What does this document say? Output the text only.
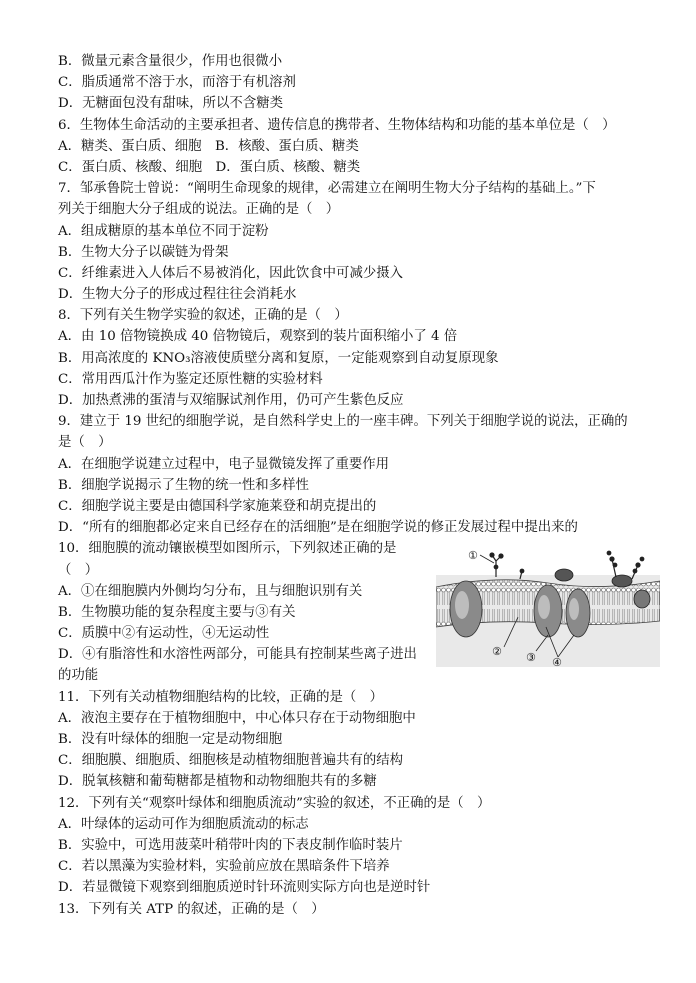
B．微量元素含量很少，作用也很微小
C．脂质通常不溶于水，而溶于有机溶剂
D．无糖面包没有甜味，所以不含糖类
6．生物体生命活动的主要承担者、遗传信息的携带者、生物体结构和功能的基本单位是（　）
A．糖类、蛋白质、细胞　B．核酸、蛋白质、糖类
C．蛋白质、核酸、细胞　D．蛋白质、核酸、糖类
7．邹承鲁院士曾说：“阐明生命现象的规律，必需建立在阐明生物大分子结构的基础上。”下
列关于细胞大分子组成的说法。正确的是（　）
A．组成糖原的基本单位不同于淀粉
B．生物大分子以碳链为骨架
C．纤维素进入人体后不易被消化，因此饮食中可减少摄入
D．生物大分子的形成过程往往会消耗水
8．下列有关生物学实验的叙述，正确的是（　）
A．由 10 倍物镜换成 40 倍物镜后，观察到的装片面积缩小了 4 倍
B．用高浓度的 KNO₃溶液使质壁分离和复原，一定能观察到自动复原现象
C．常用西瓜汁作为鉴定还原性糖的实验材料
D．加热煮沸的蛋清与双缩脲试剂作用，仍可产生紫色反应
9．建立于 19 世纪的细胞学说，是自然科学史上的一座丰碑。下列关于细胞学说的说法，正确的
是（　）
A．在细胞学说建立过程中，电子显微镜发挥了重要作用
B．细胞学说揭示了生物的统一性和多样性
C．细胞学说主要是由德国科学家施莱登和胡克提出的
D．“所有的细胞都必定来自已经存在的活细胞”是在细胞学说的修正发展过程中提出来的
10．细胞膜的流动镶嵌模型如图所示，下列叙述正确的是
（　）
A．①在细胞膜内外侧均匀分布，且与细胞识别有关
B．生物膜功能的复杂程度主要与③有关
C．质膜中②有运动性，④无运动性
D．④有脂溶性和水溶性两部分，可能具有控制某些离子进出
的功能
11．下列有关动植物细胞结构的比较，正确的是（　）
A．液泡主要存在于植物细胞中，中心体只存在于动物细胞中
B．没有叶绿体的细胞一定是动物细胞
C．细胞膜、细胞质、细胞核是动植物细胞普遍共有的结构
D．脱氧核糖和葡萄糖都是植物和动物细胞共有的多糖
12．下列有关“观察叶绿体和细胞质流动”实验的叙述，不正确的是（　）
A．叶绿体的运动可作为细胞质流动的标志
B．实验中，可选用菠菜叶稍带叶肉的下表皮制作临时装片
C．若以黑藻为实验材料，实验前应放在黑暗条件下培养
D．若显微镜下观察到细胞质逆时针环流则实际方向也是逆时针
13．下列有关 ATP 的叙述，正确的是（　）
①
② ③ ④
